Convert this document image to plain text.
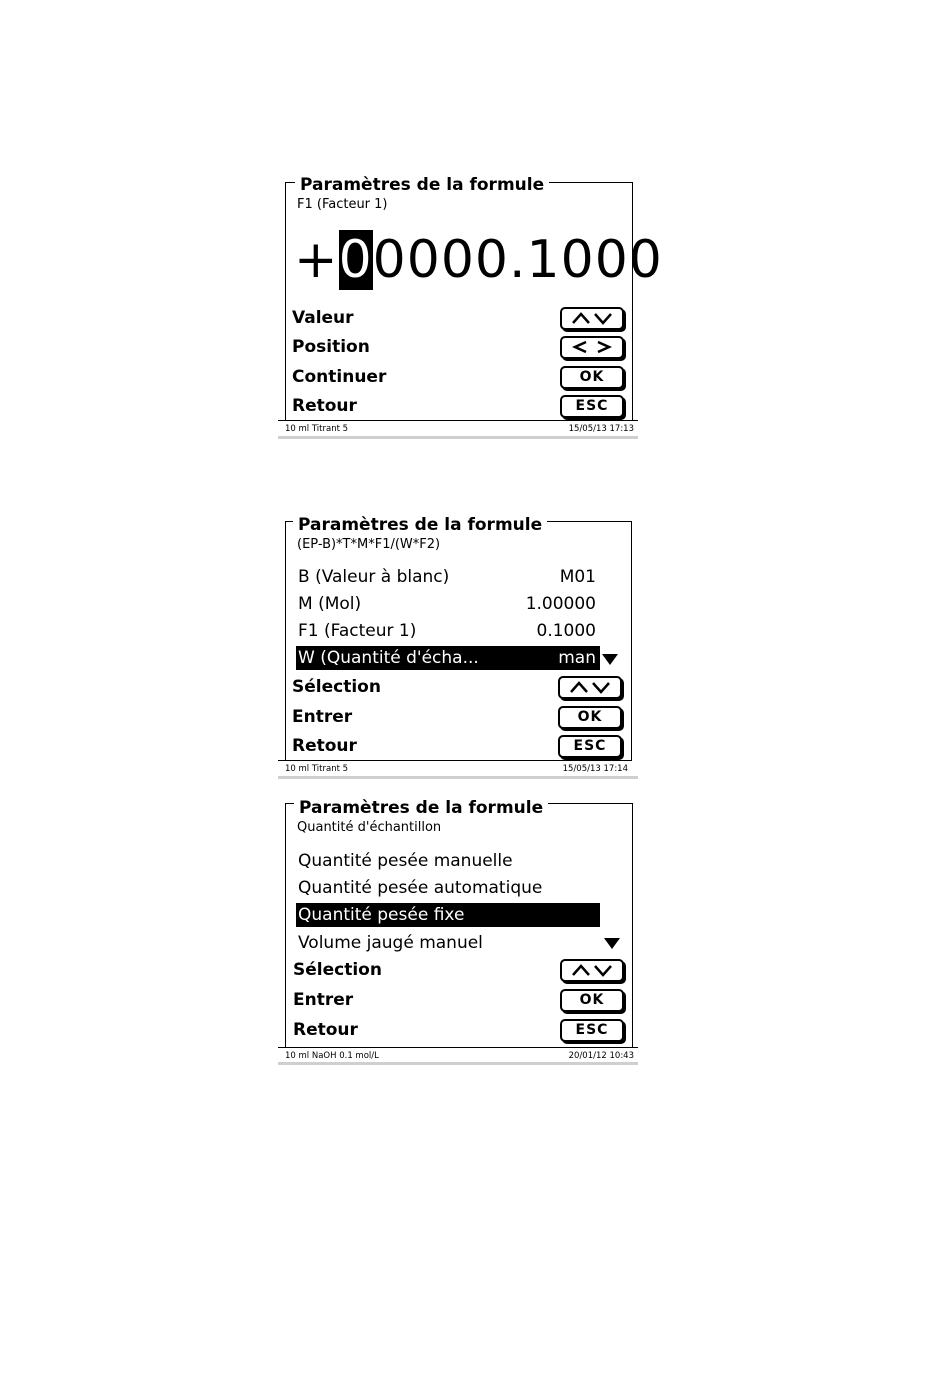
Paramètres de la formule
F1 (Facteur 1)
+00000.1000
Valeur
Position
Continuer	OK
Retour	ESC
10 ml Titrant 5	15/05/13 17:13
Paramètres de la formule
(EP-B)*T*M*F1/(W*F2)
B (Valeur à blanc)	M01
M (Mol)	1.00000
F1 (Facteur 1)	0.1000
W (Quantité d'écha...	man
Sélection
Entrer	OK
Retour	ESC
10 ml Titrant 5	15/05/13 17:14
Paramètres de la formule
Quantité d'échantillon
Quantité pesée manuelle
Quantité pesée automatique
Quantité pesée fixe
Volume jaugé manuel
Sélection
Entrer	OK
Retour	ESC
10 ml NaOH 0.1 mol/L	20/01/12 10:43
